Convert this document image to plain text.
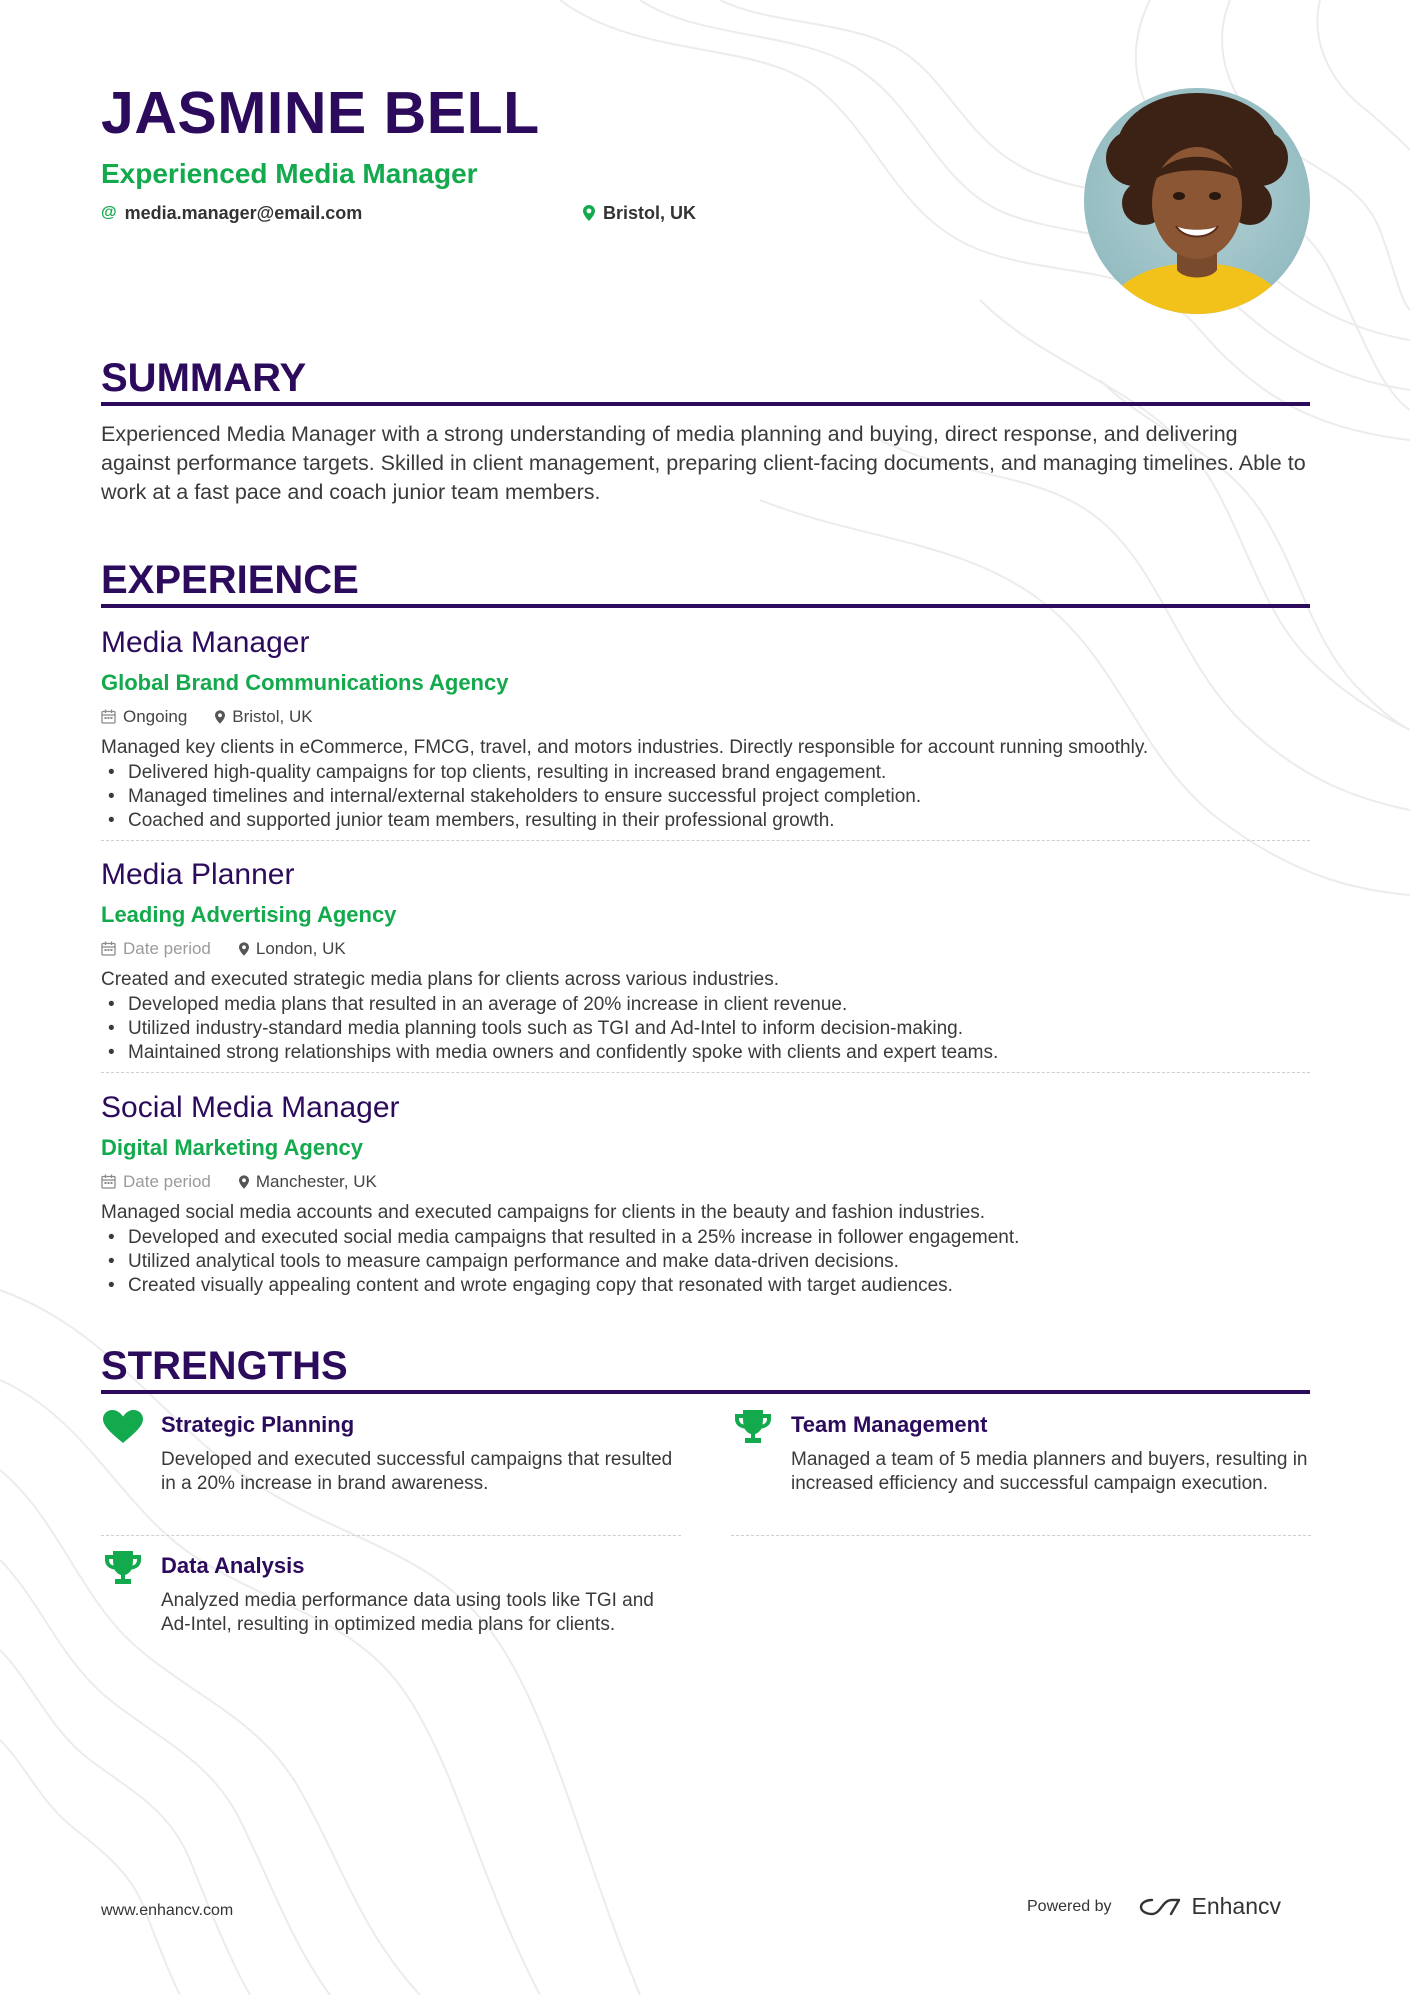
JASMINE BELL
Experienced Media Manager
@ media.manager@email.com	Bristol, UK
SUMMARY
Experienced Media Manager with a strong understanding of media planning and buying, direct response, and delivering against performance targets. Skilled in client management, preparing client-facing documents, and managing timelines. Able to work at a fast pace and coach junior team members.
EXPERIENCE
Media Manager
Global Brand Communications Agency
Ongoing	Bristol, UK
Managed key clients in eCommerce, FMCG, travel, and motors industries. Directly responsible for account running smoothly.
• Delivered high-quality campaigns for top clients, resulting in increased brand engagement.
• Managed timelines and internal/external stakeholders to ensure successful project completion.
• Coached and supported junior team members, resulting in their professional growth.
Media Planner
Leading Advertising Agency
Date period	London, UK
Created and executed strategic media plans for clients across various industries.
• Developed media plans that resulted in an average of 20% increase in client revenue.
• Utilized industry-standard media planning tools such as TGI and Ad-Intel to inform decision-making.
• Maintained strong relationships with media owners and confidently spoke with clients and expert teams.
Social Media Manager
Digital Marketing Agency
Date period	Manchester, UK
Managed social media accounts and executed campaigns for clients in the beauty and fashion industries.
• Developed and executed social media campaigns that resulted in a 25% increase in follower engagement.
• Utilized analytical tools to measure campaign performance and make data-driven decisions.
• Created visually appealing content and wrote engaging copy that resonated with target audiences.
STRENGTHS
Strategic Planning
Developed and executed successful campaigns that resulted in a 20% increase in brand awareness.
Team Management
Managed a team of 5 media planners and buyers, resulting in increased efficiency and successful campaign execution.
Data Analysis
Analyzed media performance data using tools like TGI and Ad-Intel, resulting in optimized media plans for clients.
www.enhancv.com	Powered by	Enhancv
